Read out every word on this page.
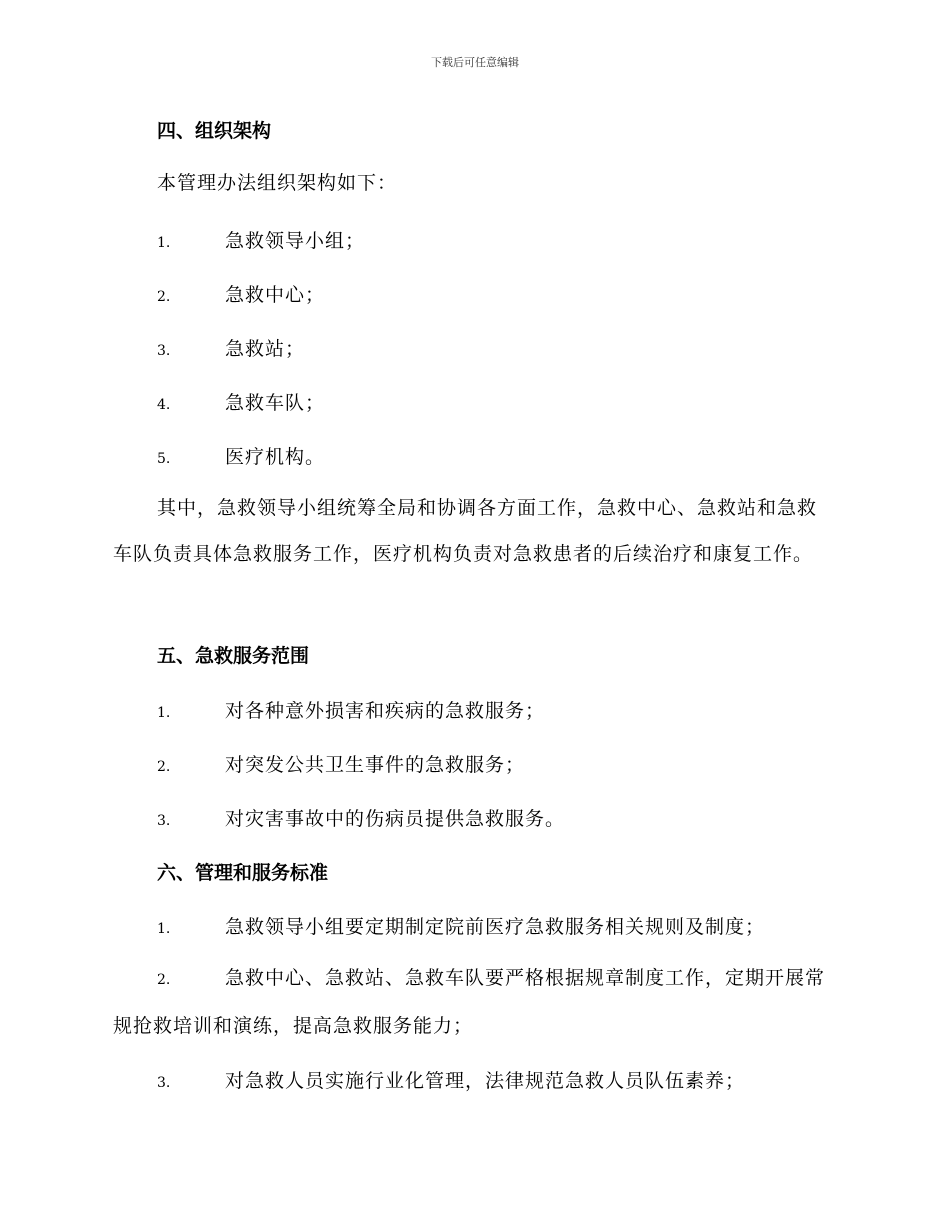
下载后可任意编辑
四、组织架构
本管理办法组织架构如下：
1.	急救领导小组；
2.	急救中心；
3.	急救站；
4.	急救车队；
5.	医疗机构。
其中，急救领导小组统筹全局和协调各方面工作，急救中心、急救站和急救车队负责具体急救服务工作，医疗机构负责对急救患者的后续治疗和康复工作。
五、急救服务范围
1.	对各种意外损害和疾病的急救服务；
2.	对突发公共卫生事件的急救服务；
3.	对灾害事故中的伤病员提供急救服务。
六、管理和服务标准
1.	急救领导小组要定期制定院前医疗急救服务相关规则及制度；
2.	急救中心、急救站、急救车队要严格根据规章制度工作，定期开展常规抢救培训和演练，提高急救服务能力；
3.	对急救人员实施行业化管理，法律规范急救人员队伍素养；
